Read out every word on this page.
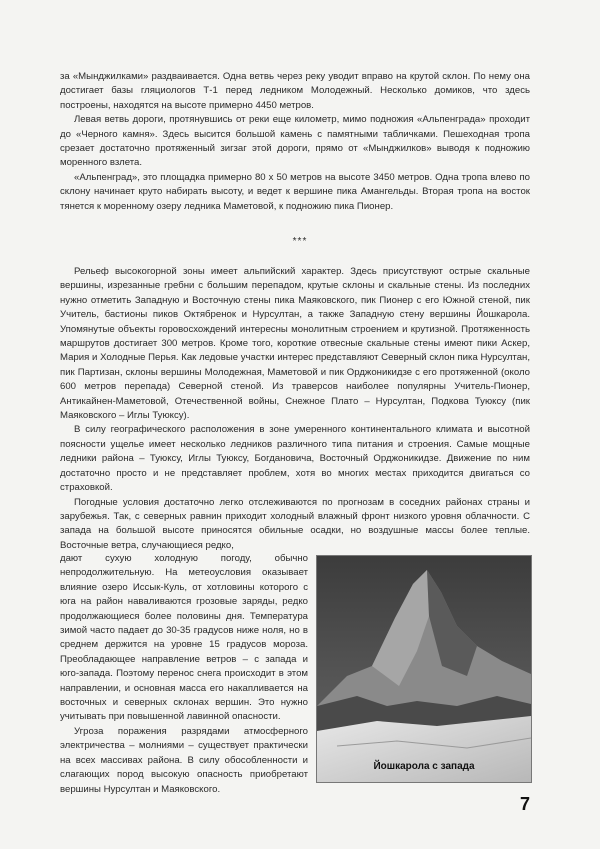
за «Мынджилками» раздваивается. Одна ветвь через реку уводит вправо на крутой склон. По нему она достигает базы гляциологов Т-1 перед ледником Молодежный. Несколько домиков, что здесь построены, находятся на высоте примерно 4450 метров.

Левая ветвь дороги, протянувшись от реки еще километр, мимо подножия «Альпенграда» проходит до «Черного камня». Здесь высится большой камень с памятными табличками. Пешеходная тропа срезает достаточно протяженный зигзаг этой дороги, прямо от «Мынджилков» выводя к подножию моренного взлета.

«Альпенград», это площадка примерно 80 х 50 метров на высоте 3450 метров. Одна тропа влево по склону начинает круто набирать высоту, и ведет к вершине пика Амангельды. Вторая тропа на восток тянется к моренному озеру ледника Маметовой, к подножию пика Пионер.

***

Рельеф высокогорной зоны имеет альпийский характер. Здесь присутствуют острые скальные вершины, изрезанные гребни с большим перепадом, крутые склоны и скальные стены. Из последних нужно отметить Западную и Восточную стены пика Маяковского, пик Пионер с его Южной стеной, пик Учитель, бастионы пиков Октябренок и Нурсултан, а также Западную стену вершины Йошкарола. Упомянутые объекты горовосхождений интересны монолитным строением и крутизной. Протяженность маршрутов достигает 300 метров. Кроме того, короткие отвесные скальные стены имеют пики Аскер, Мария и Холодные Перья. Как ледовые участки интерес представляют Северный склон пика Нурсултан, пик Партизан, склоны вершины Молодежная, Маметовой и пик Орджоникидзе с его протяженной (около 600 метров перепада) Северной стеной. Из траверсов наиболее популярны Учитель-Пионер, Антикайнен-Маметовой, Отечественной войны, Снежное Плато – Нурсултан, Подкова Туюксу (пик Маяковского – Иглы Туюксу).

В силу географического расположения в зоне умеренного континентального климата и высотной поясности ущелье имеет несколько ледников различного типа питания и строения. Самые мощные ледники района – Туюксу, Иглы Туюксу, Богдановича, Восточный Орджоникидзе. Движение по ним достаточно просто и не представляет проблем, хотя во многих местах приходится двигаться со страховкой.

Погодные условия достаточно легко отслеживаются по прогнозам в соседних районах страны и зарубежья. Так, с северных равнин приходит холодный влажный фронт низкого уровня облачности. С запада на большой высоте приносятся обильные осадки, но воздушные массы более теплые. Восточные ветра, случающиеся редко,

дают сухую холодную погоду, обычно непродолжительную. На метеоусловия оказывает влияние озеро Иссык-Куль, от хотловины которого с юга на район наваливаются грозовые заряды, редко продолжающиеся более половины дня. Температура зимой часто падает до 30-35 градусов ниже ноля, но в среднем держится на уровне 15 градусов мороза. Преобладающее направление ветров – с запада и юго-запада. Поэтому перенос снега происходит в этом направлении, и основная масса его накапливается на восточных и северных склонах вершин. Это нужно учитывать при повышенной лавинной опасности.

Угроза поражения разрядами атмосферного электричества – молниями – существует практически на всех массивах района. В силу обособленности и слагающих пород высокую опасность приобретают вершины Нурсултан и Маяковского.

Йошкарола с запада
7
